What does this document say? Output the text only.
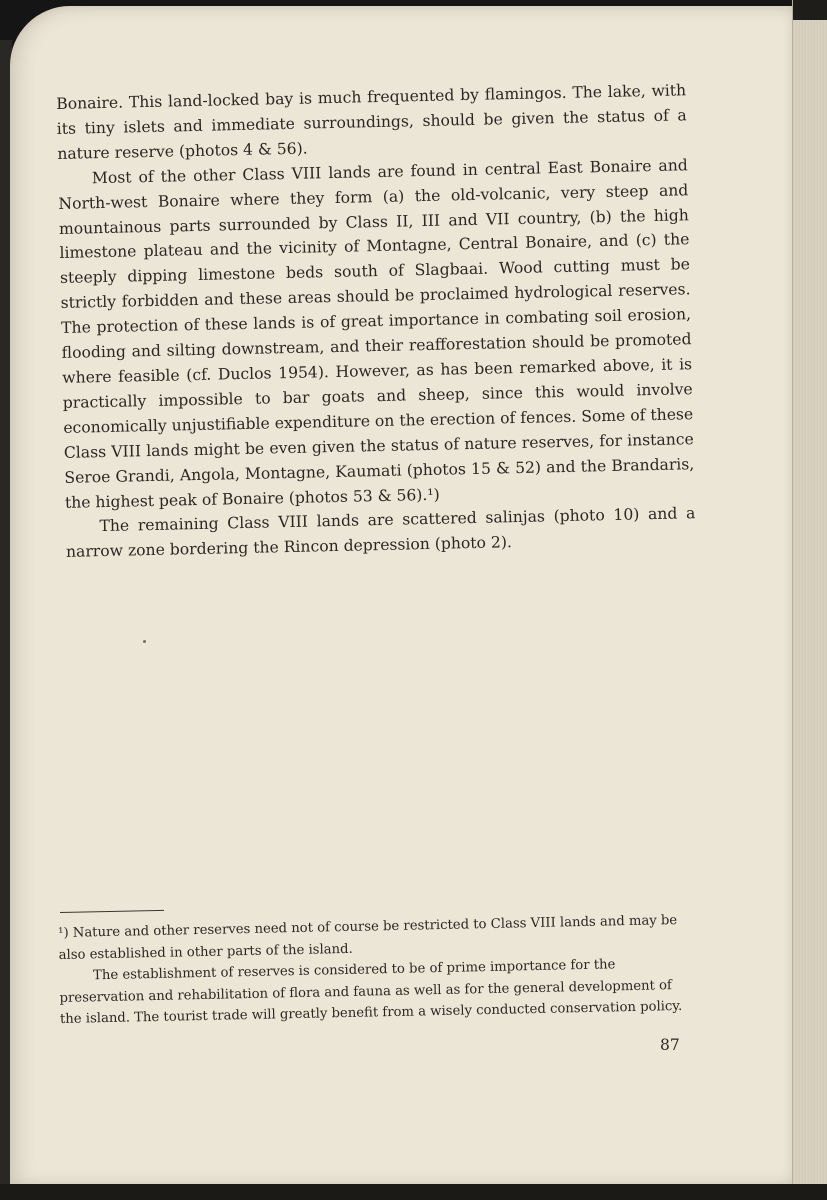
Bonaire. This land-locked bay is much frequented by flamingos. The lake, with its tiny islets and immediate surroundings, should be given the status of a nature reserve (photos 4 & 56).

Most of the other Class VIII lands are found in central East Bonaire and North-west Bonaire where they form (a) the old-volcanic, very steep and mountainous parts surrounded by Class II, III and VII country, (b) the high limestone plateau and the vicinity of Montagne, Central Bonaire, and (c) the steeply dipping limestone beds south of Slagbaai. Wood cutting must be strictly forbidden and these areas should be proclaimed hydrological reserves. The protection of these lands is of great importance in combating soil erosion, flooding and silting downstream, and their reafforestation should be promoted where feasible (cf. Duclos 1954). However, as has been remarked above, it is practically impossible to bar goats and sheep, since this would involve economically unjustifiable expenditure on the erection of fences. Some of these Class VIII lands might be even given the status of nature reserves, for instance Seroe Grandi, Angola, Montagne, Kaumati (photos 15 & 52) and the Brandaris, the highest peak of Bonaire (photos 53 & 56).¹)

The remaining Class VIII lands are scattered salinjas (photo 10) and a narrow zone bordering the Rincon depression (photo 2).

¹) Nature and other reserves need not of course be restricted to Class VIII lands and may be also established in other parts of the island.

The establishment of reserves is considered to be of prime importance for the preservation and rehabilitation of flora and fauna as well as for the general development of the island. The tourist trade will greatly benefit from a wisely conducted conservation policy.

87
